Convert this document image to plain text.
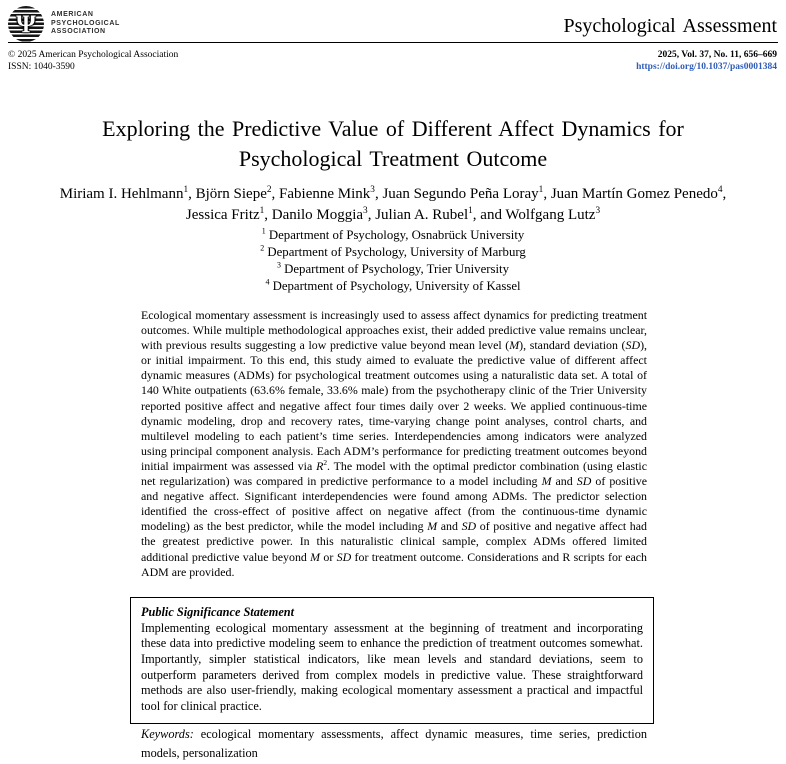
Ψ AMERICAN
PSYCHOLOGICAL
ASSOCIATION	Psychological Assessment
© 2025 American Psychological Association
ISSN: 1040-3590
2025, Vol. 37, No. 11, 656–669
https://doi.org/10.1037/pas0001384
Exploring the Predictive Value of Different Affect Dynamics for
Psychological Treatment Outcome
Miriam I. Hehlmann$^1$, Björn Siepe$^2$, Fabienne Mink$^3$, Juan Segundo Peña Loray$^1$, Juan Martín Gomez Penedo$^4$,
Jessica Fritz$^1$, Danilo Moggia$^3$, Julian A. Rubel$^1$, and Wolfgang Lutz$^3$
$^1$ Department of Psychology, Osnabrück University
$^2$ Department of Psychology, University of Marburg
$^3$ Department of Psychology, Trier University
$^4$ Department of Psychology, University of Kassel
Ecological momentary assessment is increasingly used to assess affect dynamics for predicting treatment outcomes. While multiple methodological approaches exist, their added predictive value remains unclear, with previous results suggesting a low predictive value beyond mean level (M), standard deviation (SD), or initial impairment. To this end, this study aimed to evaluate the predictive value of different affect dynamic measures (ADMs) for psychological treatment outcomes using a naturalistic data set. A total of 140 White outpatients (63.6% female, 33.6% male) from the psychotherapy clinic of the Trier University reported positive affect and negative affect four times daily over 2 weeks. We applied continuous-time dynamic modeling, drop and recovery rates, time-varying change point analyses, control charts, and multilevel modeling to each patient’s time series. Interdependencies among indicators were analyzed using principal component analysis. Each ADM’s performance for predicting treatment outcomes beyond initial impairment was assessed via $R^2$. The model with the optimal predictor combination (using elastic net regularization) was compared in predictive performance to a model including M and SD of positive and negative affect. Significant interdependencies were found among ADMs. The predictor selection identified the cross-effect of positive affect on negative affect (from the continuous-time dynamic modeling) as the best predictor, while the model including M and SD of positive and negative affect had the greatest predictive power. In this naturalistic clinical sample, complex ADMs offered limited additional predictive value beyond M or SD for treatment outcome. Considerations and R scripts for each ADM are provided.
Public Significance Statement
Implementing ecological momentary assessment at the beginning of treatment and incorporating these data into predictive modeling seem to enhance the prediction of treatment outcomes somewhat. Importantly, simpler statistical indicators, like mean levels and standard deviations, seem to outperform parameters derived from complex models in predictive value. These straightforward methods are also user-friendly, making ecological momentary assessment a practical and impactful tool for clinical practice.
Keywords: ecological momentary assessments, affect dynamic measures, time series, prediction models, personalization
